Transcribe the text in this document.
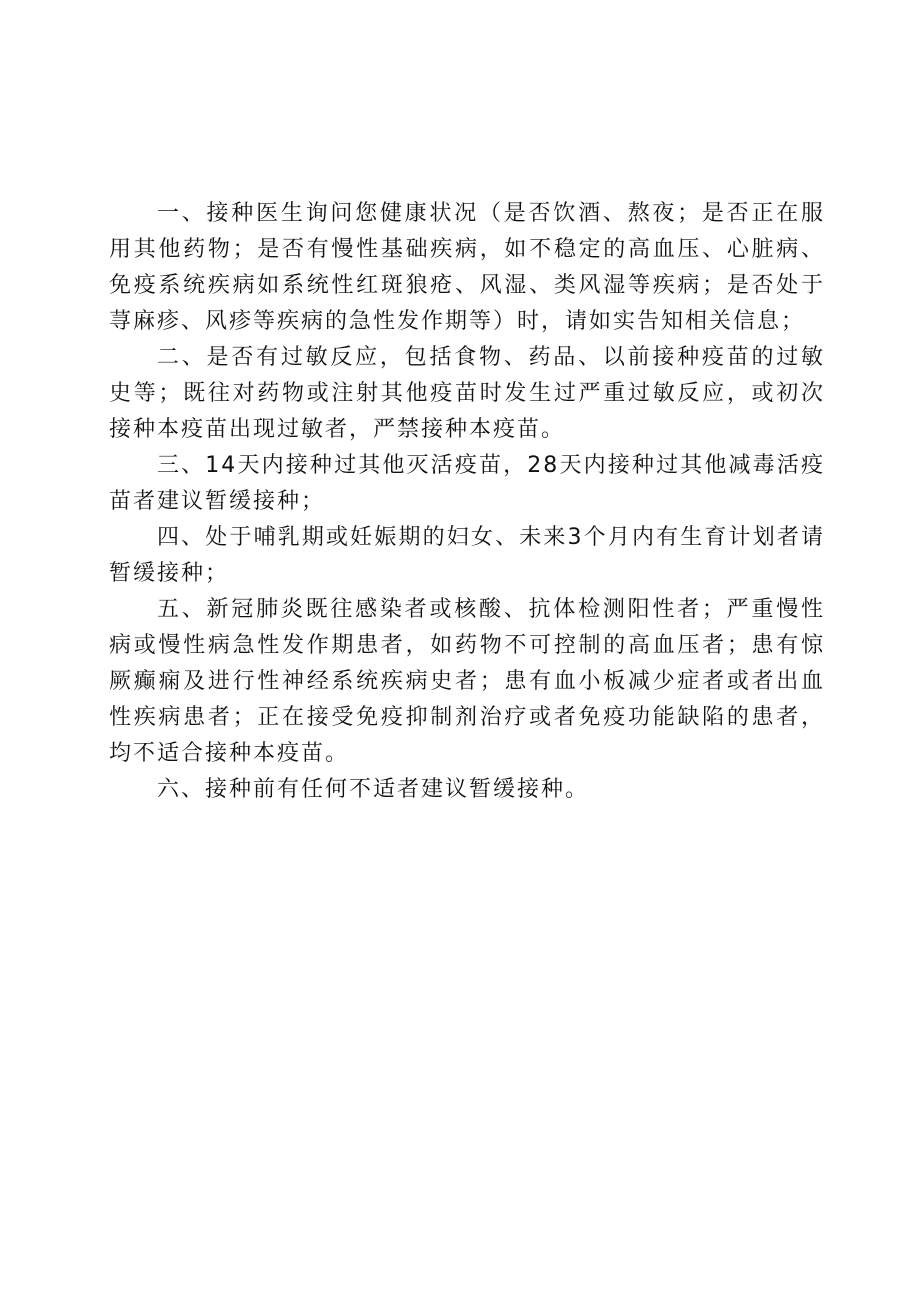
一、接种医生询问您健康状况（是否饮酒、熬夜；是否正在服用其他药物；是否有慢性基础疾病，如不稳定的高血压、心脏病、免疫系统疾病如系统性红斑狼疮、风湿、类风湿等疾病；是否处于荨麻疹、风疹等疾病的急性发作期等）时，请如实告知相关信息；

二、是否有过敏反应，包括食物、药品、以前接种疫苗的过敏史等；既往对药物或注射其他疫苗时发生过严重过敏反应，或初次接种本疫苗出现过敏者，严禁接种本疫苗。

三、14天内接种过其他灭活疫苗，28天内接种过其他减毒活疫苗者建议暂缓接种；

四、处于哺乳期或妊娠期的妇女、未来3个月内有生育计划者请暂缓接种；

五、新冠肺炎既往感染者或核酸、抗体检测阳性者；严重慢性病或慢性病急性发作期患者，如药物不可控制的高血压者；患有惊厥癫痫及进行性神经系统疾病史者；患有血小板减少症者或者出血性疾病患者；正在接受免疫抑制剂治疗或者免疫功能缺陷的患者，均不适合接种本疫苗。

六、接种前有任何不适者建议暂缓接种。
